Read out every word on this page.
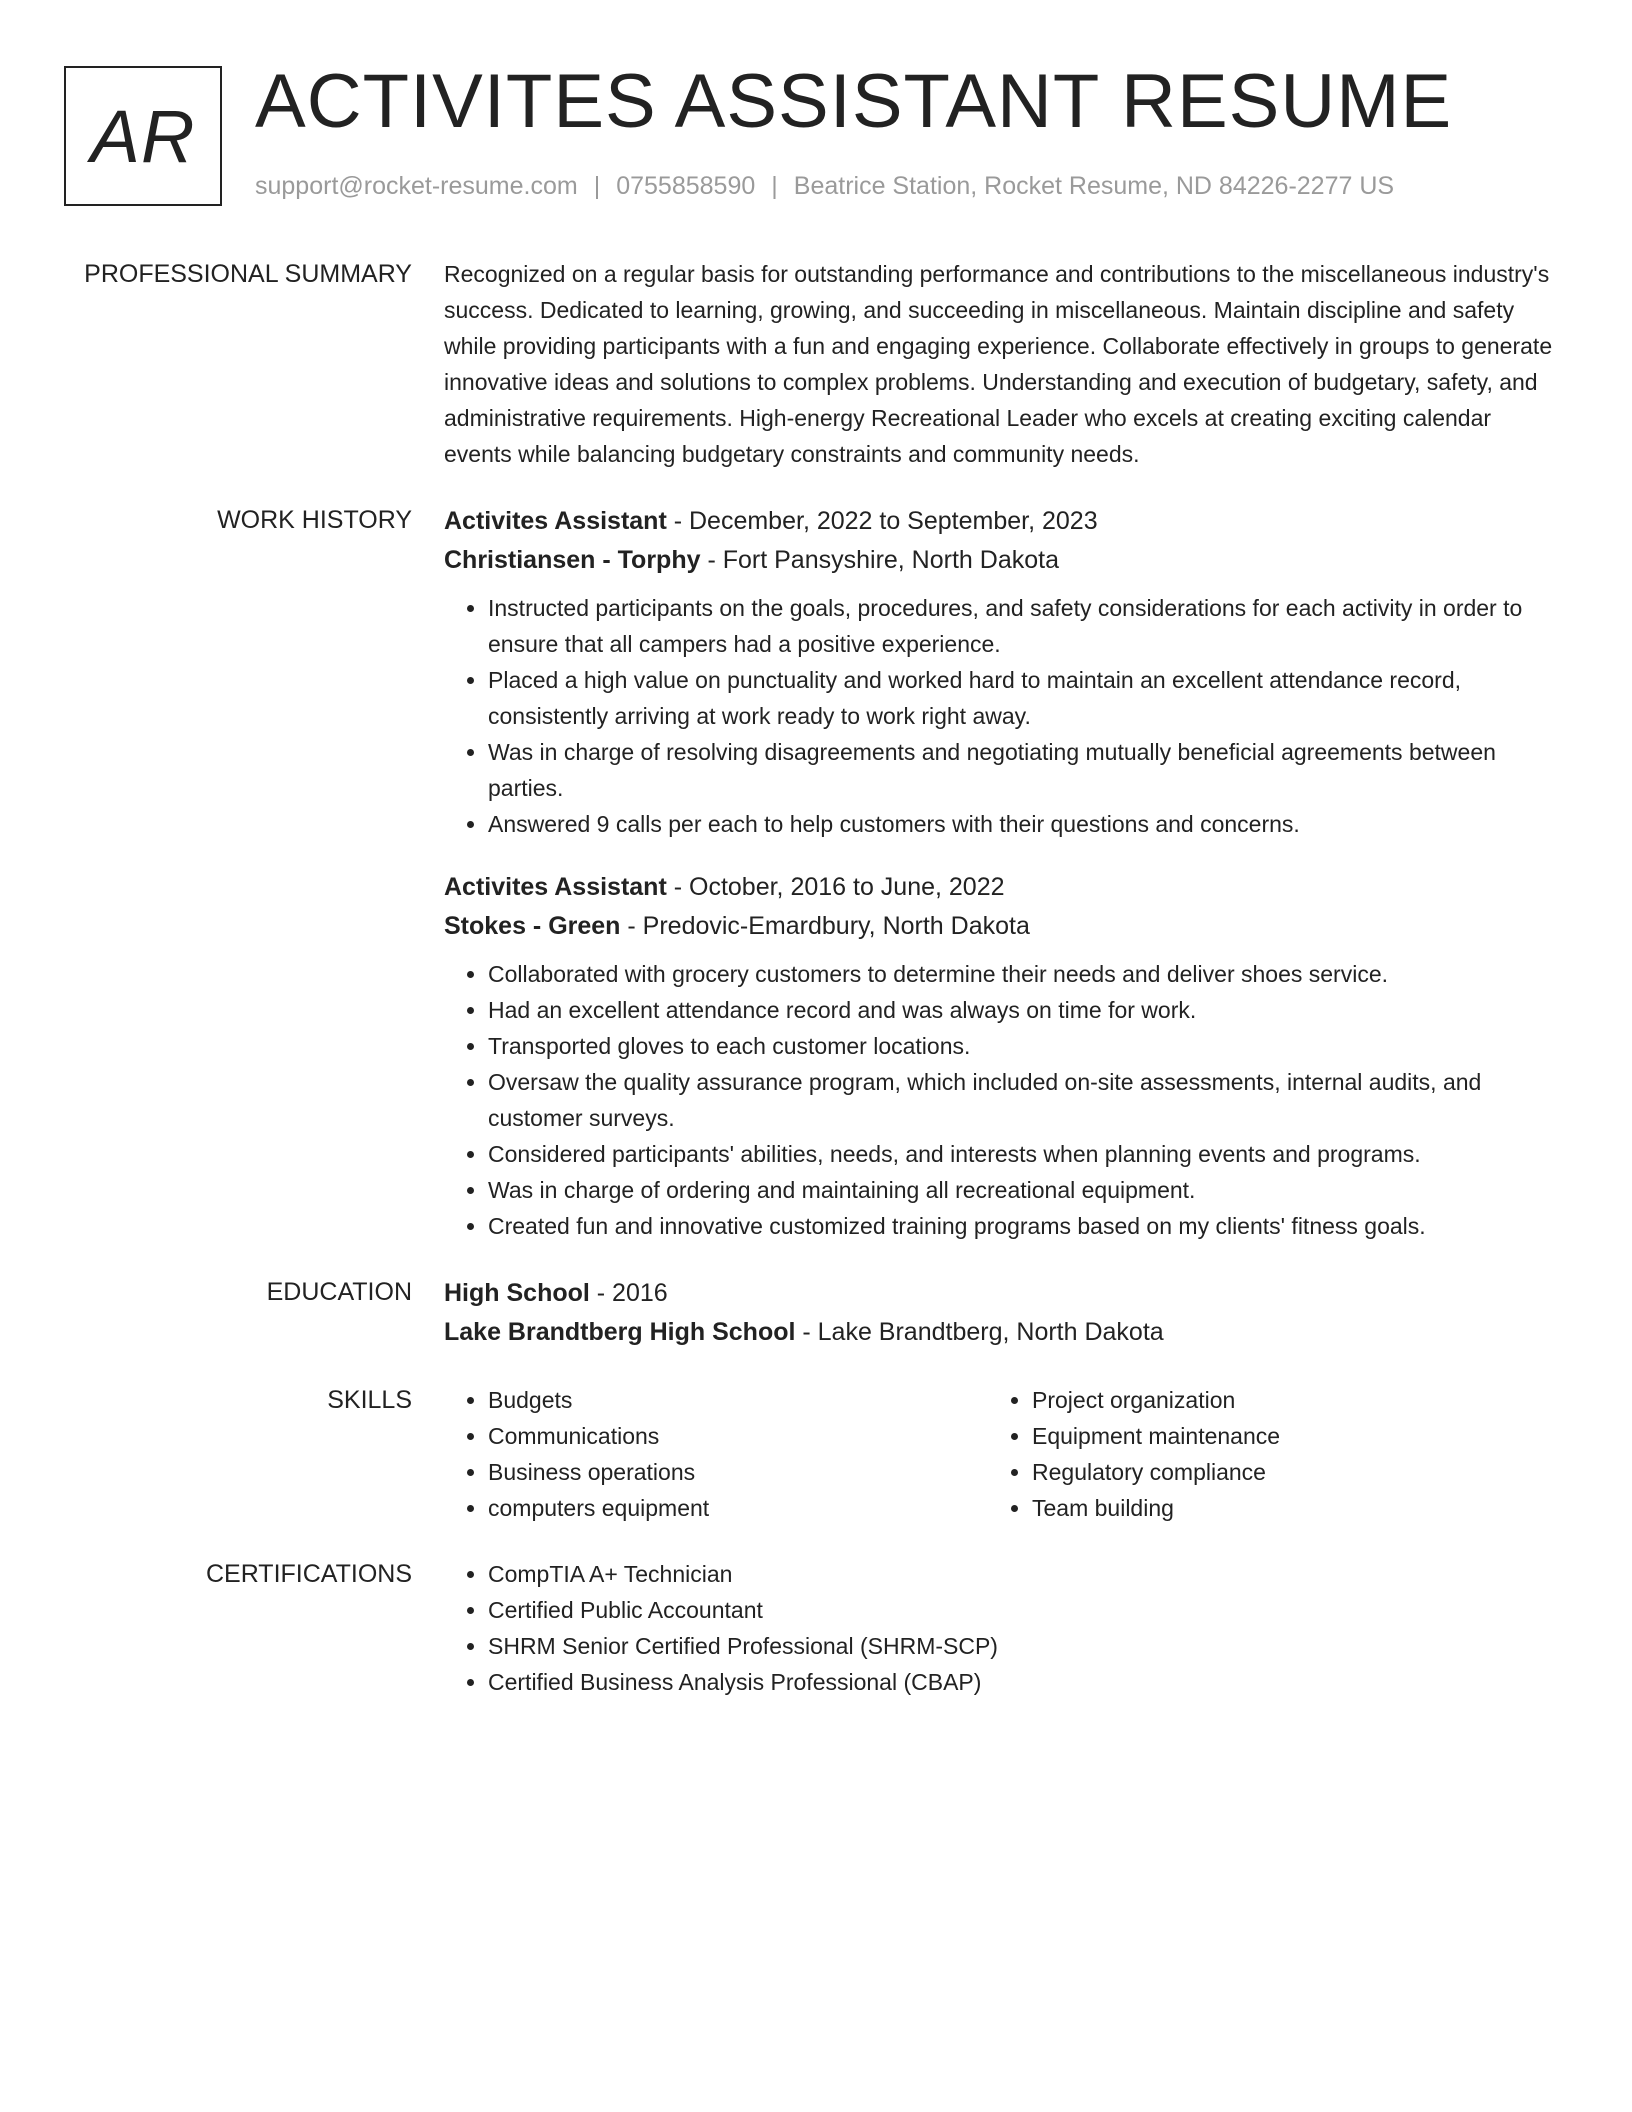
AR ACTIVITES ASSISTANT RESUME
support@rocket-resume.com | 0755858590 | Beatrice Station, Rocket Resume, ND 84226-2277 US
PROFESSIONAL SUMMARY Recognized on a regular basis for outstanding performance and contributions to the miscellaneous industry's success. Dedicated to learning, growing, and succeeding in miscellaneous. Maintain discipline and safety while providing participants with a fun and engaging experience. Collaborate effectively in groups to generate innovative ideas and solutions to complex problems. Understanding and execution of budgetary, safety, and administrative requirements. High-energy Recreational Leader who excels at creating exciting calendar events while balancing budgetary constraints and community needs.

WORK HISTORY Activites Assistant - December, 2022 to September, 2023
Christiansen - Torphy - Fort Pansyshire, North Dakota
• Instructed participants on the goals, procedures, and safety considerations for each activity in order to ensure that all campers had a positive experience.
• Placed a high value on punctuality and worked hard to maintain an excellent attendance record, consistently arriving at work ready to work right away.
• Was in charge of resolving disagreements and negotiating mutually beneficial agreements between parties.
• Answered 9 calls per each to help customers with their questions and concerns.
Activites Assistant - October, 2016 to June, 2022
Stokes - Green - Predovic-Emardbury, North Dakota
• Collaborated with grocery customers to determine their needs and deliver shoes service.
• Had an excellent attendance record and was always on time for work.
• Transported gloves to each customer locations.
• Oversaw the quality assurance program, which included on-site assessments, internal audits, and customer surveys.
• Considered participants' abilities, needs, and interests when planning events and programs.
• Was in charge of ordering and maintaining all recreational equipment.
• Created fun and innovative customized training programs based on my clients' fitness goals.
EDUCATION High School - 2016
Lake Brandtberg High School - Lake Brandtberg, North Dakota
SKILLS	• Budgets
• Communications
• Business operations
• computers equipment
• Project organization
• Equipment maintenance
• Regulatory compliance
• Team building
CERTIFICATIONS	• CompTIA A+ Technician
• Certified Public Accountant
• SHRM Senior Certified Professional (SHRM-SCP)
• Certified Business Analysis Professional (CBAP)
